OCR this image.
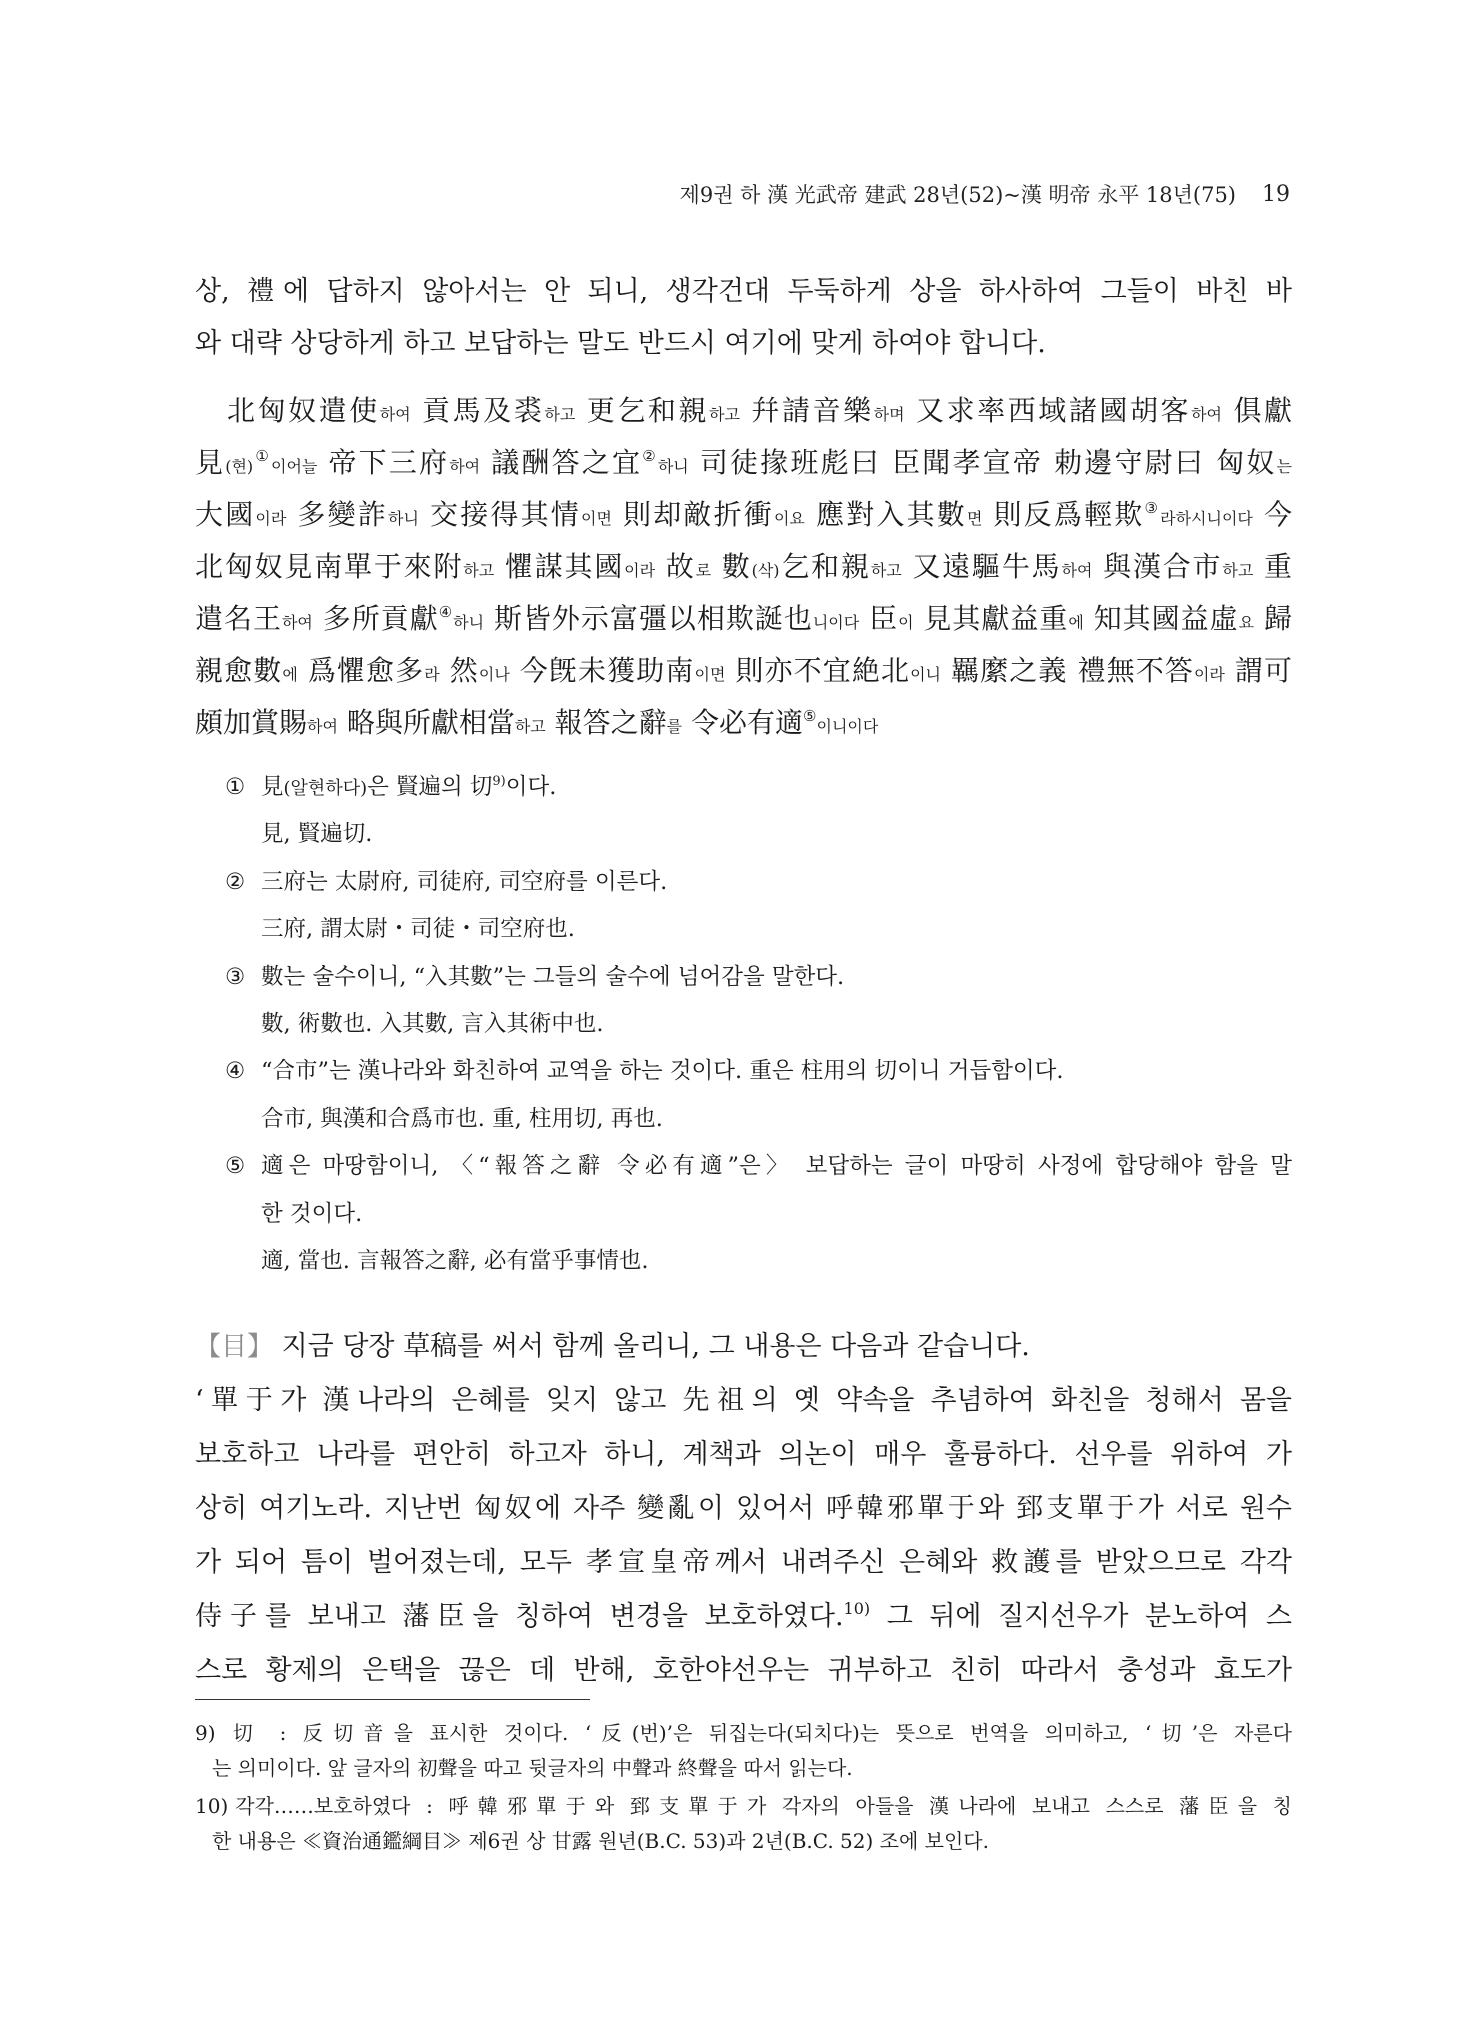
제9권 하 漢 光武帝 建武 28년(52)~漢 明帝 永平 18년(75) 19
상, 禮에 답하지 않아서는 안 되니, 생각건대 두둑하게 상을 하사하여 그들이 바친 바
와 대략 상당하게 하고 보답하는 말도 반드시 여기에 맞게 하여야 합니다.
北匈奴遣使하여 貢馬及裘하고 更乞和親하고 幷請音樂하며 又求率西域諸國胡客하여 俱獻
見(현)①이어늘 帝下三府하여 議酬答之宜②하니 司徒掾班彪曰 臣聞孝宣帝 勅邊守尉曰 匈奴는
大國이라 多變詐하니 交接得其情이면 則却敵折衝이요 應對入其數면 則反爲輕欺③라하시니이다 今
北匈奴見南單于來附하고 懼謀其國이라 故로 數(삭)乞和親하고 又遠驅牛馬하여 與漢合市하고 重
遣名王하여 多所貢獻④하니 斯皆外示富彊以相欺誕也니이다 臣이 見其獻益重에 知其國益虛요 歸
親愈數에 爲懼愈多라 然이나 今旣未獲助南이면 則亦不宜絶北이니 羈縻之義 禮無不答이라 謂可
頗加賞賜하여 略與所獻相當하고 報答之辭를 令必有適⑤이니이다
① 見(알현하다)은 賢遍의 切$^{9)}$이다.
見, 賢遍切.
② 三府는 太尉府, 司徒府, 司空府를 이른다.
三府, 謂太尉・司徒・司空府也.
③ 數는 술수이니, “入其數”는 그들의 술수에 넘어감을 말한다.
數, 術數也. 入其數, 言入其術中也.
④ “合市”는 漢나라와 화친하여 교역을 하는 것이다. 重은 柱用의 切이니 거듭함이다.
合市, 與漢和合爲市也. 重, 柱用切, 再也.
⑤ 適은 마땅함이니, 〈“報答之辭 令必有適”은〉 보답하는 글이 마땅히 사정에 합당해야 함을 말
한 것이다.
適, 當也. 言報答之辭, 必有當乎事情也.
【目】 지금 당장 草稿를 써서 함께 올리니, 그 내용은 다음과 같습니다.
‘單于가 漢나라의 은혜를 잊지 않고 先祖의 옛 약속을 추념하여 화친을 청해서 몸을
보호하고 나라를 편안히 하고자 하니, 계책과 의논이 매우 훌륭하다. 선우를 위하여 가
상히 여기노라. 지난번 匈奴에 자주 變亂이 있어서 呼韓邪單于와 郅支單于가 서로 원수
가 되어 틈이 벌어졌는데, 모두 孝宣皇帝께서 내려주신 은혜와 救護를 받았으므로 각각
侍子를 보내고 藩臣을 칭하여 변경을 보호하였다.$^{10)}$ 그 뒤에 질지선우가 분노하여 스
스로 황제의 은택을 끊은 데 반해, 호한야선우는 귀부하고 친히 따라서 충성과 효도가
9) 切 : 反切音을 표시한 것이다. ‘反(번)’은 뒤집는다(되치다)는 뜻으로 번역을 의미하고, ‘切’은 자른다
는 의미이다. 앞 글자의 初聲을 따고 뒷글자의 中聲과 終聲을 따서 읽는다.
10) 각각……보호하였다 : 呼韓邪單于와 郅支單于가 각자의 아들을 漢나라에 보내고 스스로 藩臣을 칭
한 내용은 ≪資治通鑑綱目≫ 제6권 상 甘露 원년(B.C. 53)과 2년(B.C. 52) 조에 보인다.
